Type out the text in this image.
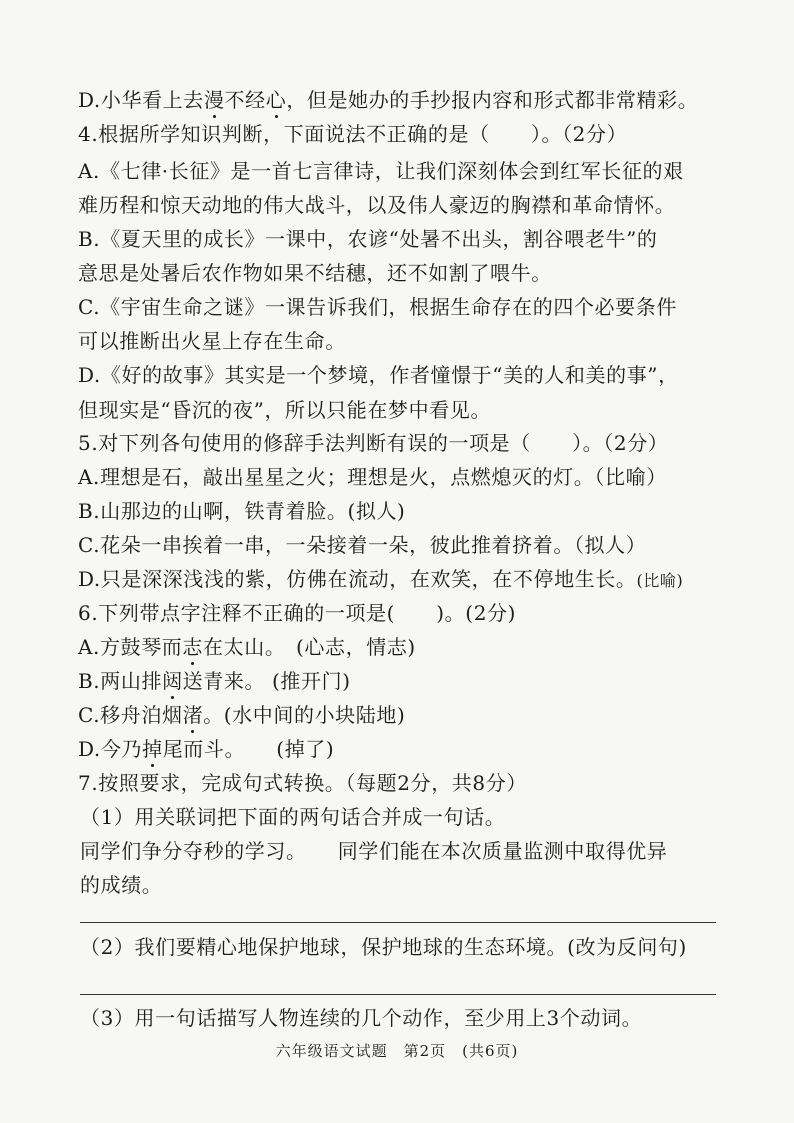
D.小华看上去漫不经心，但是她办的手抄报内容和形式都非常精彩。
4.根据所学知识判断，下面说法不正确的是（　　）。（2分）
A.《七律·长征》是一首七言律诗，让我们深刻体会到红军长征的艰
难历程和惊天动地的伟大战斗，以及伟人豪迈的胸襟和革命情怀。
B.《夏天里的成长》一课中，农谚“处暑不出头，割谷喂老牛”的
意思是处暑后农作物如果不结穗，还不如割了喂牛。
C.《宇宙生命之谜》一课告诉我们，根据生命存在的四个必要条件
可以推断出火星上存在生命。
D.《好的故事》其实是一个梦境，作者憧憬于“美的人和美的事”，
但现实是“昏沉的夜”，所以只能在梦中看见。
5.对下列各句使用的修辞手法判断有误的一项是（　　）。（2分）
A.理想是石，敲出星星之火；理想是火，点燃熄灭的灯。（比喻）
B.山那边的山啊，铁青着脸。(拟人)
C.花朵一串挨着一串，一朵接着一朵，彼此推着挤着。（拟人）
D.只是深深浅浅的紫，仿佛在流动，在欢笑，在不停地生长。(比喻)
6.下列带点字注释不正确的一项是(　　)。(2分)
A.方鼓琴而志在太山。　(心志，情志)
B.两山排闼送青来。 (推开门)
C.移舟泊烟渚。(水中间的小块陆地)
D.今乃掉尾而斗。　　(掉了)
7.按照要求，完成句式转换。（每题2分，共8分）
（1）用关联词把下面的两句话合并成一句话。
同学们争分夺秒的学习。　　同学们能在本次质量监测中取得优异
的成绩。
（2）我们要精心地保护地球，保护地球的生态环境。(改为反问句)
（3）用一句话描写人物连续的几个动作，至少用上3个动词。
六年级语文试题　第2页　(共6页)
